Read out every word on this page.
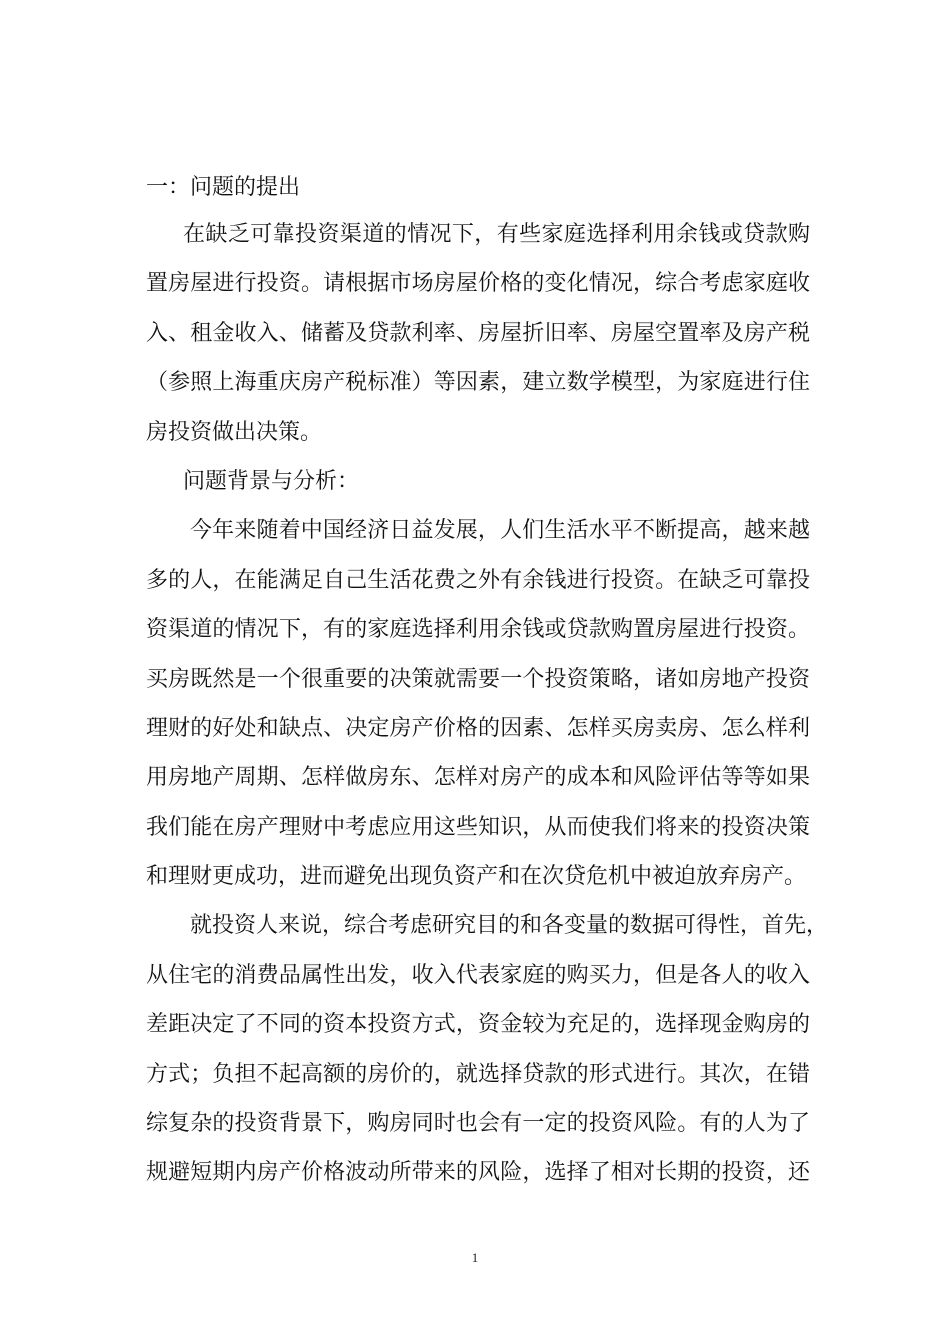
一：问题的提出
在缺乏可靠投资渠道的情况下，有些家庭选择利用余钱或贷款购
置房屋进行投资。请根据市场房屋价格的变化情况，综合考虑家庭收
入、租金收入、储蓄及贷款利率、房屋折旧率、房屋空置率及房产税
（参照上海重庆房产税标准）等因素，建立数学模型，为家庭进行住
房投资做出决策。
问题背景与分析：
今年来随着中国经济日益发展，人们生活水平不断提高，越来越
多的人，在能满足自己生活花费之外有余钱进行投资。在缺乏可靠投
资渠道的情况下，有的家庭选择利用余钱或贷款购置房屋进行投资。
买房既然是一个很重要的决策就需要一个投资策略，诸如房地产投资
理财的好处和缺点、决定房产价格的因素、怎样买房卖房、怎么样利
用房地产周期、怎样做房东、怎样对房产的成本和风险评估等等如果
我们能在房产理财中考虑应用这些知识，从而使我们将来的投资决策
和理财更成功，进而避免出现负资产和在次贷危机中被迫放弃房产。
就投资人来说，综合考虑研究目的和各变量的数据可得性，首先，
从住宅的消费品属性出发，收入代表家庭的购买力，但是各人的收入
差距决定了不同的资本投资方式，资金较为充足的，选择现金购房的
方式；负担不起高额的房价的，就选择贷款的形式进行。其次，在错
综复杂的投资背景下，购房同时也会有一定的投资风险。有的人为了
规避短期内房产价格波动所带来的风险，选择了相对长期的投资，还
1
